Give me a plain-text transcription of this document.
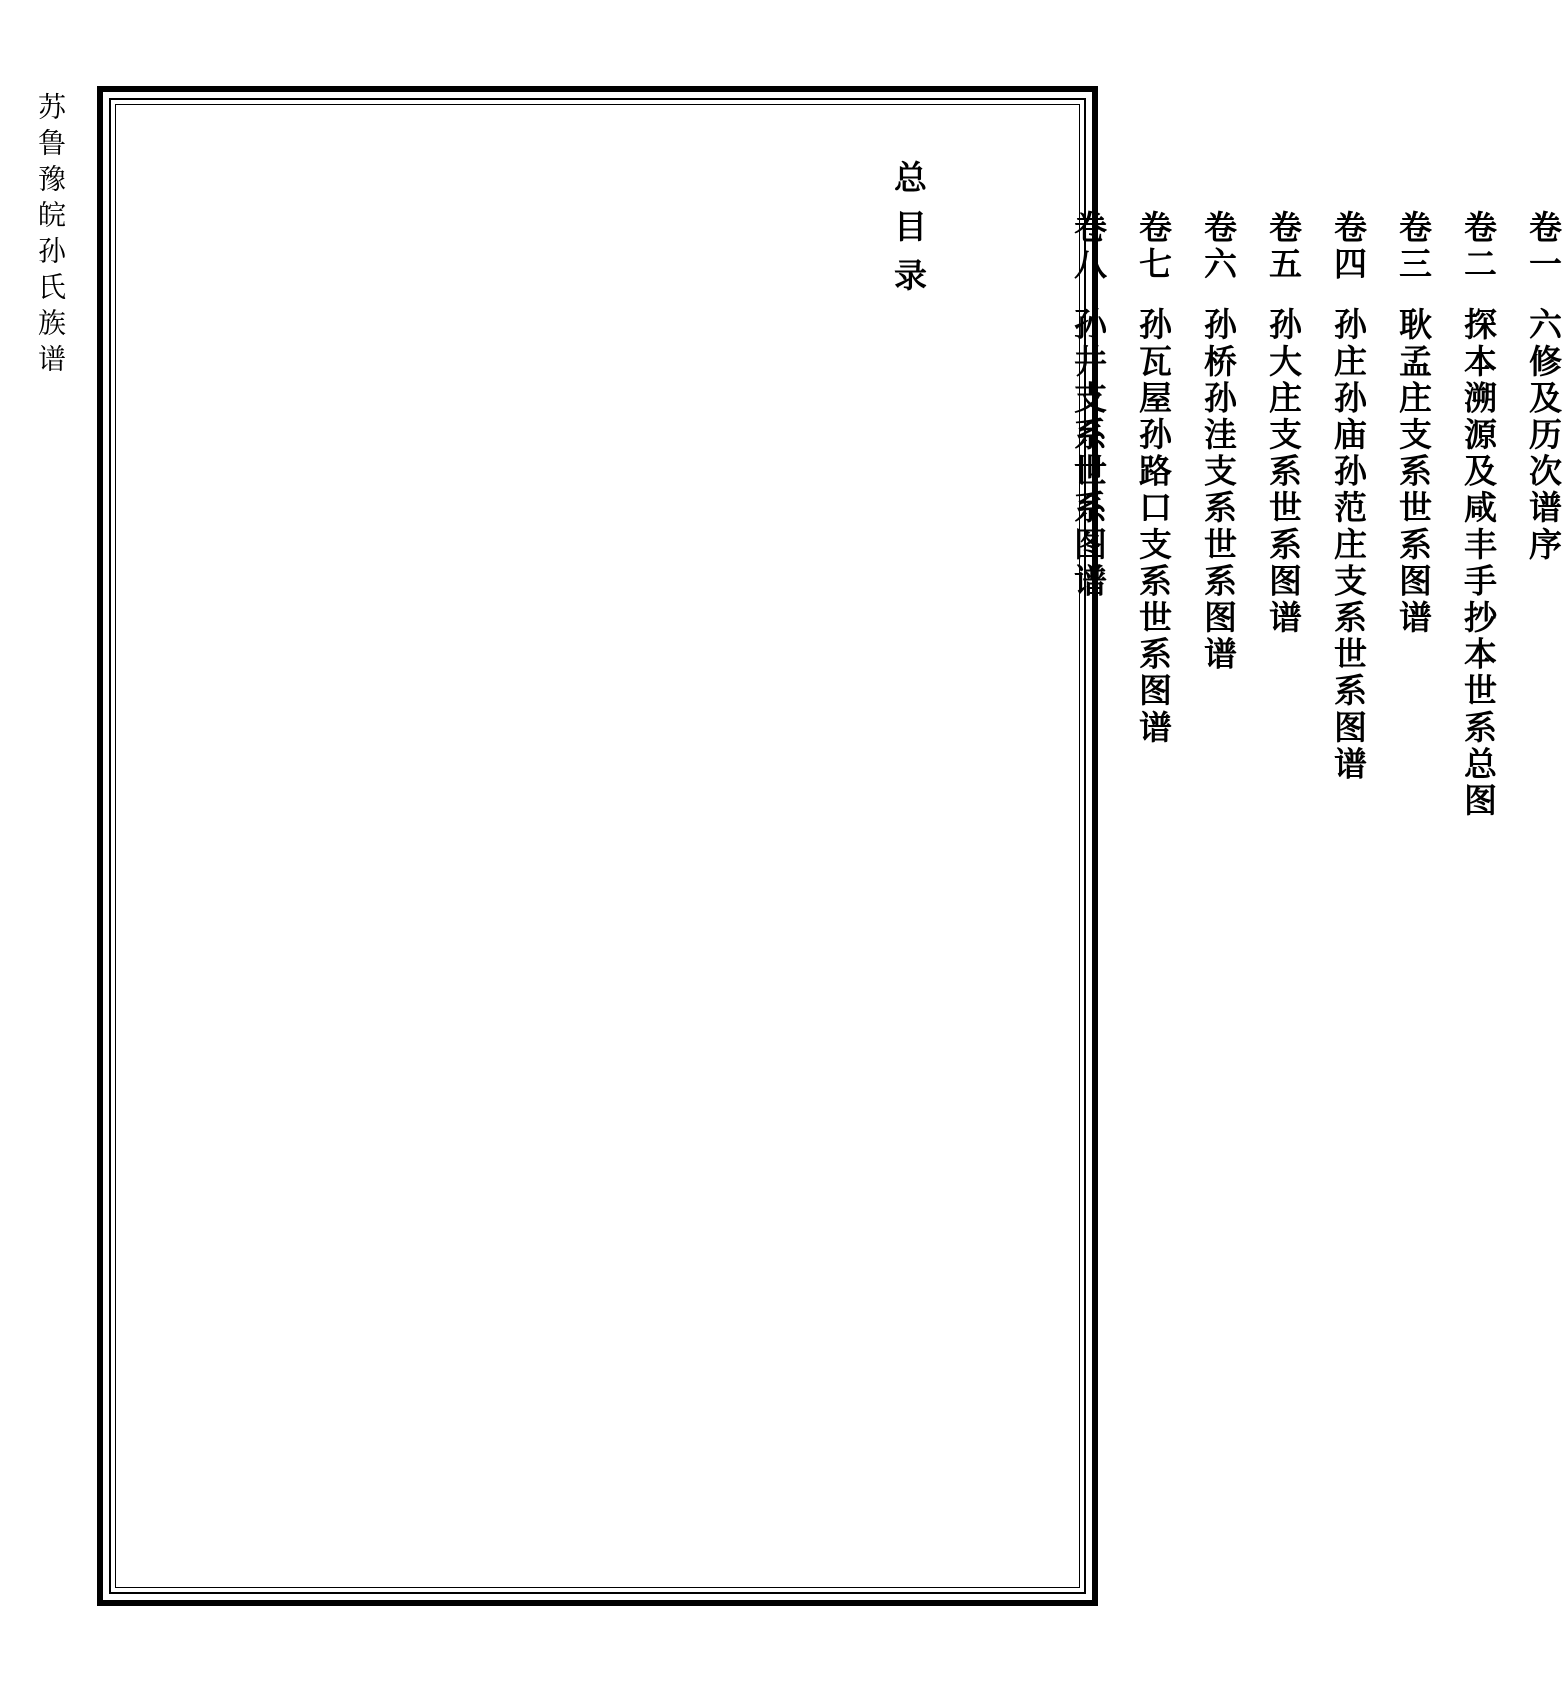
苏鲁豫皖孙氏族谱	总目录	卷一六修及历次谱序
卷二探本溯源及咸丰手抄本世系总图
卷三耿孟庄支系世系图谱
卷四孙庄孙庙孙范庄支系世系图谱
卷五孙大庄支系世系图谱
卷六孙桥孙洼支系世系图谱
卷七孙瓦屋孙路口支系世系图谱
卷八孙井支系世系图谱
